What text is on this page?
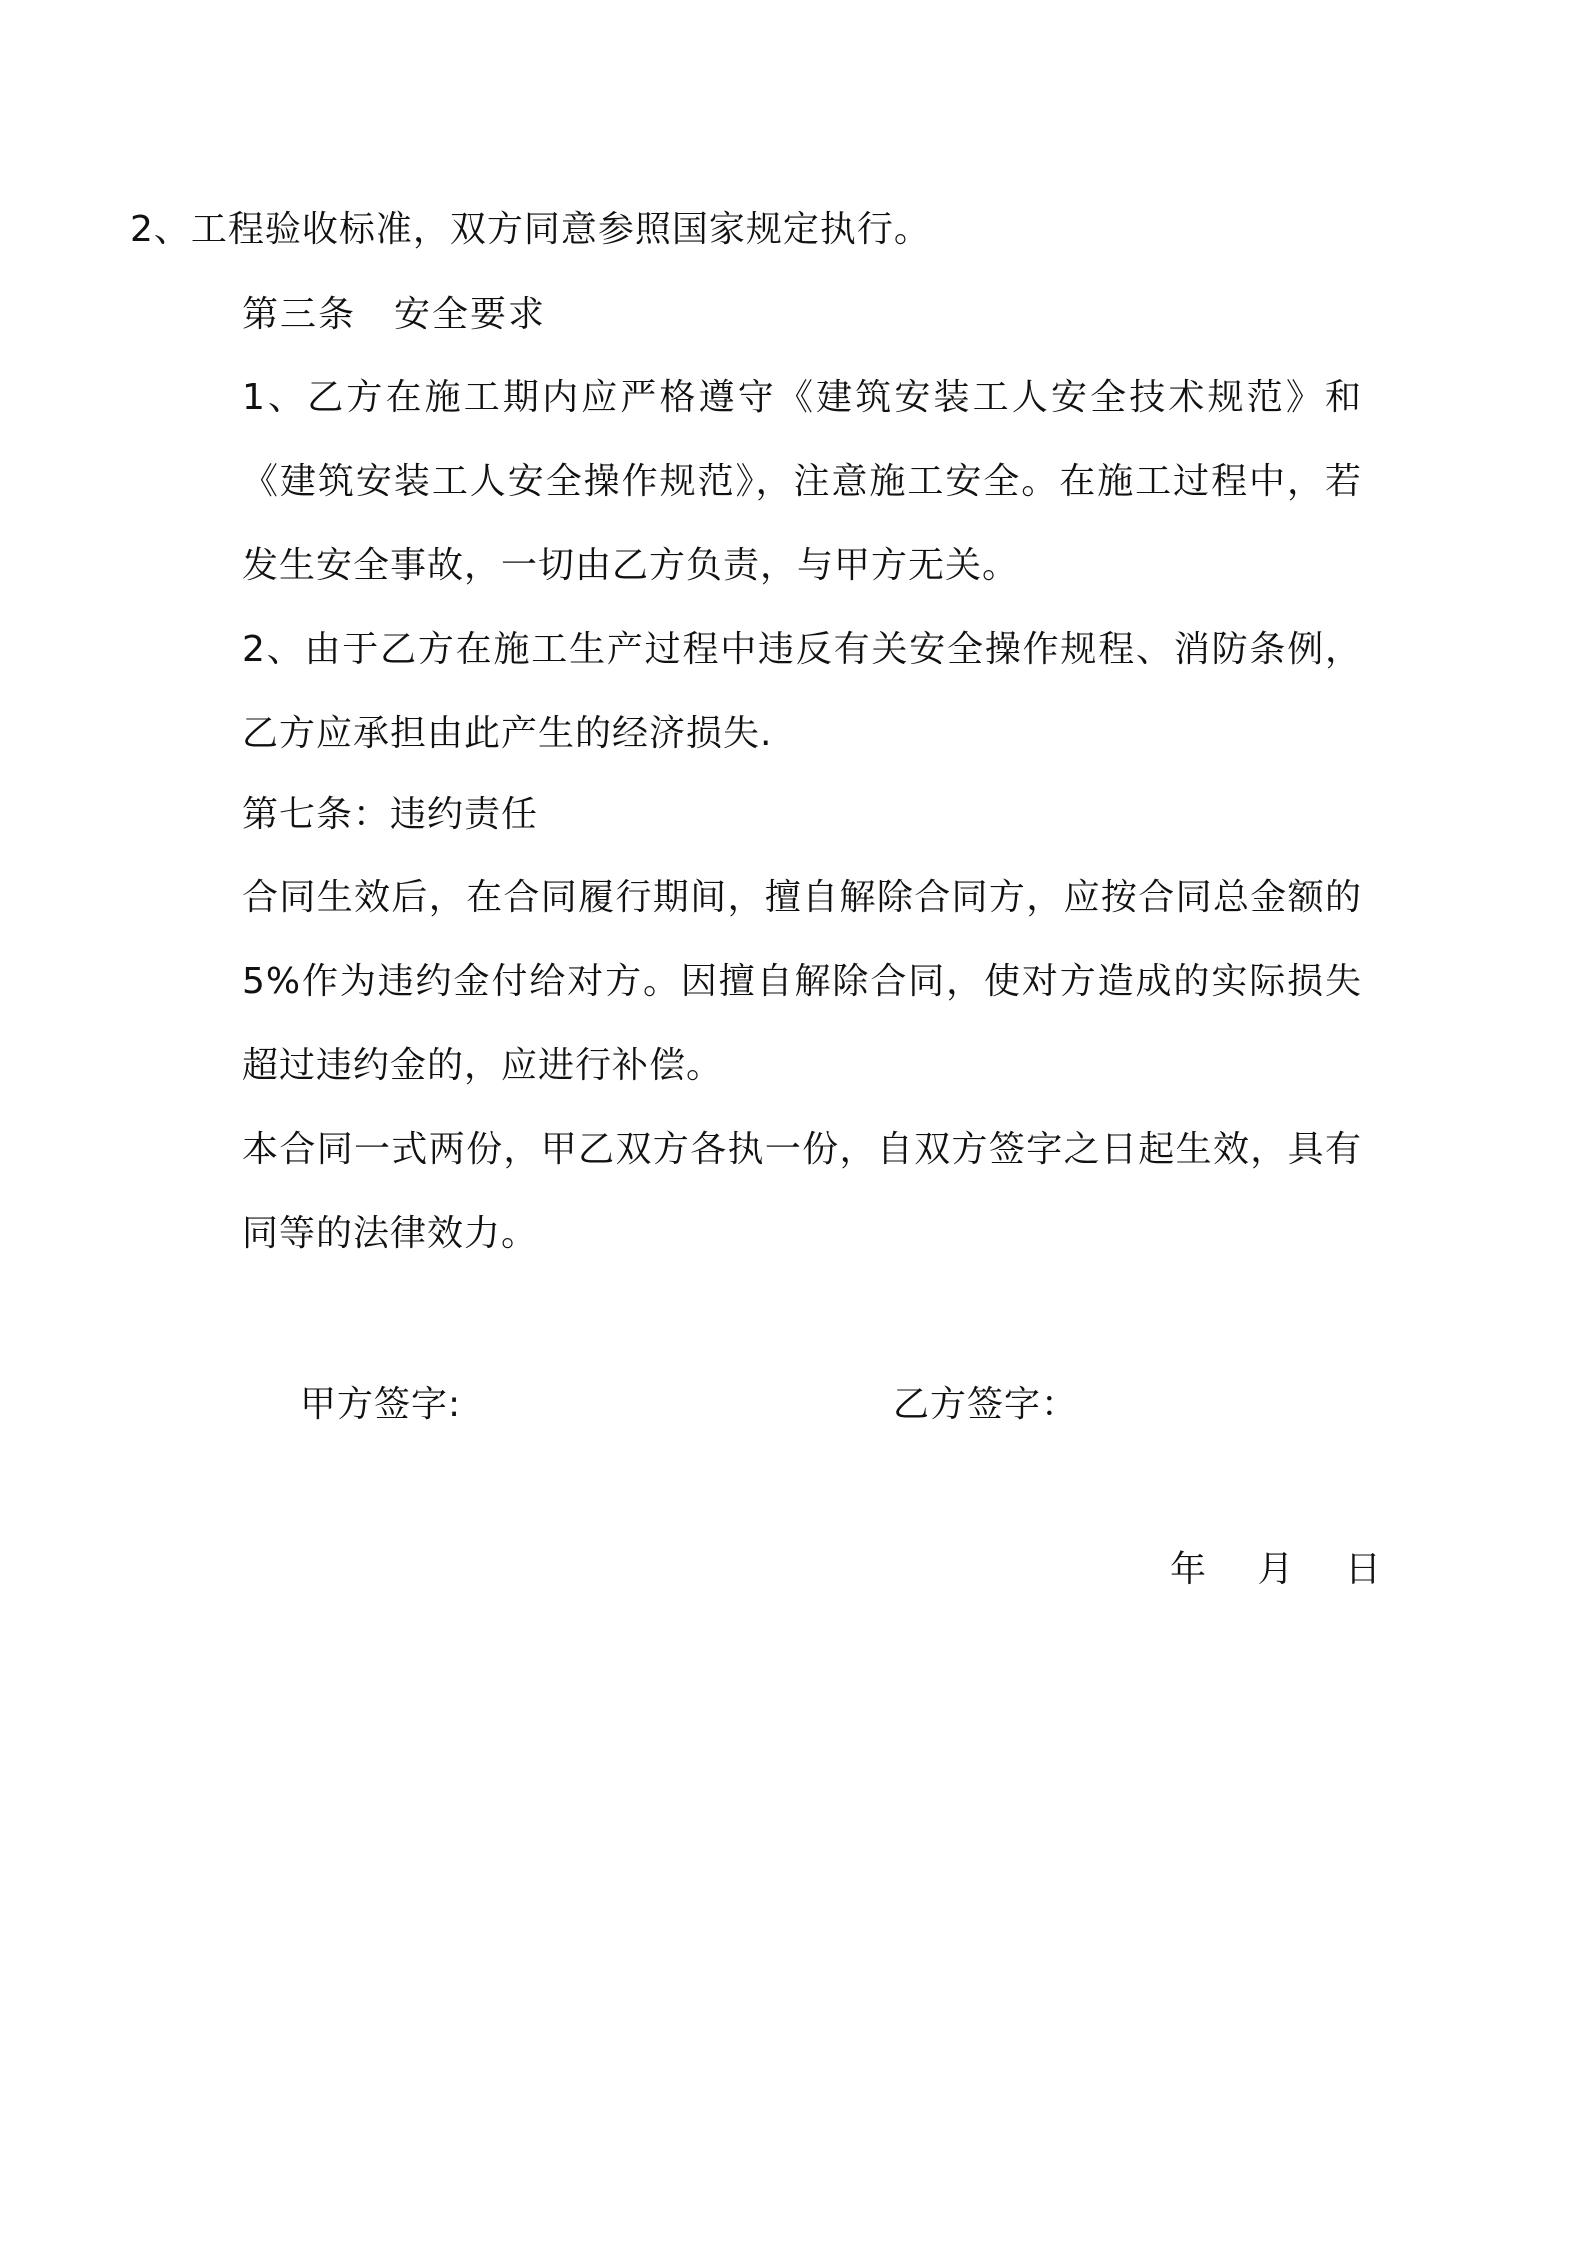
2、工程验收标准，双方同意参照国家规定执行。
第三条　安全要求
1、乙方在施工期内应严格遵守《建筑安装工人安全技术规范》和《建筑安装工人安全操作规范》，注意施工安全。在施工过程中，若发生安全事故，一切由乙方负责，与甲方无关。
2、由于乙方在施工生产过程中违反有关安全操作规程、消防条例，乙方应承担由此产生的经济损失.
第七条：违约责任
合同生效后，在合同履行期间，擅自解除合同方，应按合同总金额的5%作为违约金付给对方。因擅自解除合同，使对方造成的实际损失超过违约金的，应进行补偿。
本合同一式两份，甲乙双方各执一份，自双方签字之日起生效，具有同等的法律效力。
甲方签字:	乙方签字：
年 月 日
